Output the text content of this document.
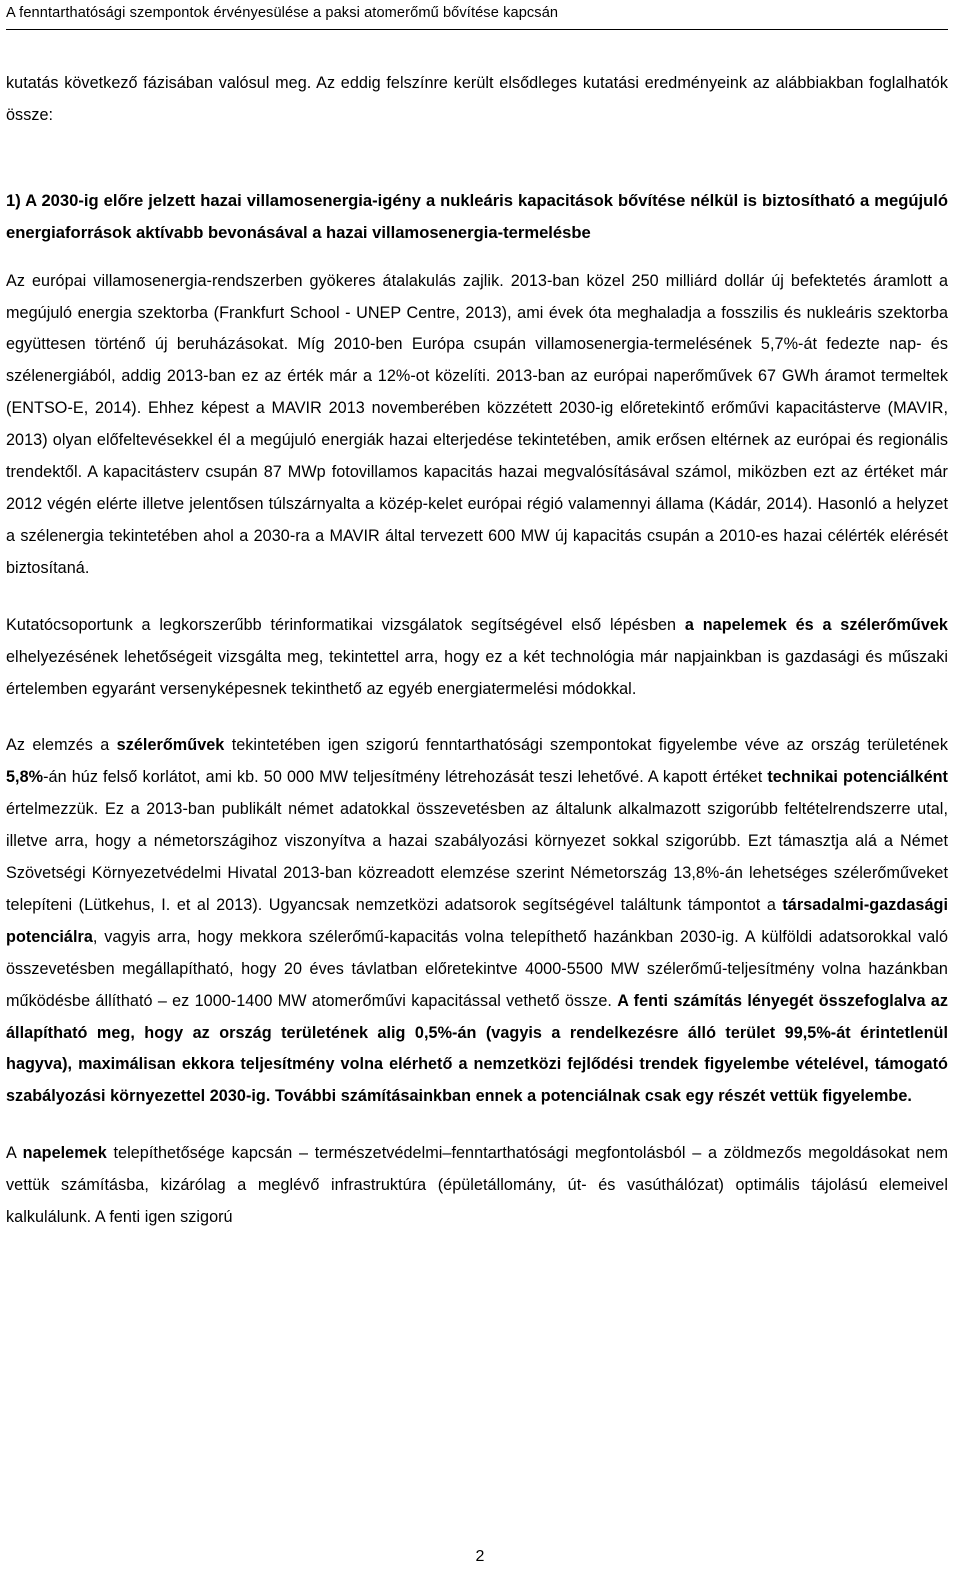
A fenntarthatósági szempontok érvényesülése a paksi atomerőmű bővítése kapcsán

kutatás következő fázisában valósul meg. Az eddig felszínre került elsődleges kutatási eredményeink az alábbiakban foglalhatók össze:

1) A 2030-ig előre jelzett hazai villamosenergia-igény a nukleáris kapacitások bővítése nélkül is biztosítható a megújuló energiaforrások aktívabb bevonásával a hazai villamosenergia-termelésbe

Az európai villamosenergia-rendszerben gyökeres átalakulás zajlik. 2013-ban közel 250 milliárd dollár új befektetés áramlott a megújuló energia szektorba (Frankfurt School - UNEP Centre, 2013), ami évek óta meghaladja a fosszilis és nukleáris szektorba együttesen történő új beruházásokat. Míg 2010-ben Európa csupán villamosenergia-termelésének 5,7%-át fedezte nap- és szélenergiából, addig 2013-ban ez az érték már a 12%-ot közelíti. 2013-ban az európai naperőművek 67 GWh áramot termeltek (ENTSO-E, 2014). Ehhez képest a MAVIR 2013 novemberében közzétett 2030-ig előretekintő erőművi kapacitásterve (MAVIR, 2013) olyan előfeltevésekkel él a megújuló energiák hazai elterjedése tekintetében, amik erősen eltérnek az európai és regionális trendektől. A kapacitásterv csupán 87 MWp fotovillamos kapacitás hazai megvalósításával számol, miközben ezt az értéket már 2012 végén elérte illetve jelentősen túlszárnyalta a közép-kelet európai régió valamennyi állama (Kádár, 2014). Hasonló a helyzet a szélenergia tekintetében ahol a 2030-ra a MAVIR által tervezett 600 MW új kapacitás csupán a 2010-es hazai célérték elérését biztosítaná.

Kutatócsoportunk a legkorszerűbb térinformatikai vizsgálatok segítségével első lépésben a napelemek és a szélerőművek elhelyezésének lehetőségeit vizsgálta meg, tekintettel arra, hogy ez a két technológia már napjainkban is gazdasági és műszaki értelemben egyaránt versenyképesnek tekinthető az egyéb energiatermelési módokkal.

Az elemzés a szélerőművek tekintetében igen szigorú fenntarthatósági szempontokat figyelembe véve az ország területének 5,8%-án húz felső korlátot, ami kb. 50 000 MW teljesítmény létrehozását teszi lehetővé. A kapott értéket technikai potenciálként értelmezzük. Ez a 2013-ban publikált német adatokkal összevetésben az általunk alkalmazott szigorúbb feltételrendszerre utal, illetve arra, hogy a németországihoz viszonyítva a hazai szabályozási környezet sokkal szigorúbb. Ezt támasztja alá a Német Szövetségi Környezetvédelmi Hivatal 2013-ban közreadott elemzése szerint Németország 13,8%-án lehetséges szélerőműveket telepíteni (Lütkehus, I. et al 2013). Ugyancsak nemzetközi adatsorok segítségével találtunk támpontot a társadalmi-gazdasági potenciálra, vagyis arra, hogy mekkora szélerőmű-kapacitás volna telepíthető hazánkban 2030-ig. A külföldi adatsorokkal való összevetésben megállapítható, hogy 20 éves távlatban előretekintve 4000-5500 MW szélerőmű-teljesítmény volna hazánkban működésbe állítható – ez 1000-1400 MW atomerőművi kapacitással vethető össze. A fenti számítás lényegét összefoglalva az állapítható meg, hogy az ország területének alig 0,5%-án (vagyis a rendelkezésre álló terület 99,5%-át érintetlenül hagyva), maximálisan ekkora teljesítmény volna elérhető a nemzetközi fejlődési trendek figyelembe vételével, támogató szabályozási környezettel 2030-ig. További számításainkban ennek a potenciálnak csak egy részét vettük figyelembe.

A napelemek telepíthetősége kapcsán – természetvédelmi–fenntarthatósági megfontolásból – a zöldmezős megoldásokat nem vettük számításba, kizárólag a meglévő infrastruktúra (épületállomány, út- és vasúthálózat) optimális tájolású elemeivel kalkulálunk. A fenti igen szigorú

2
